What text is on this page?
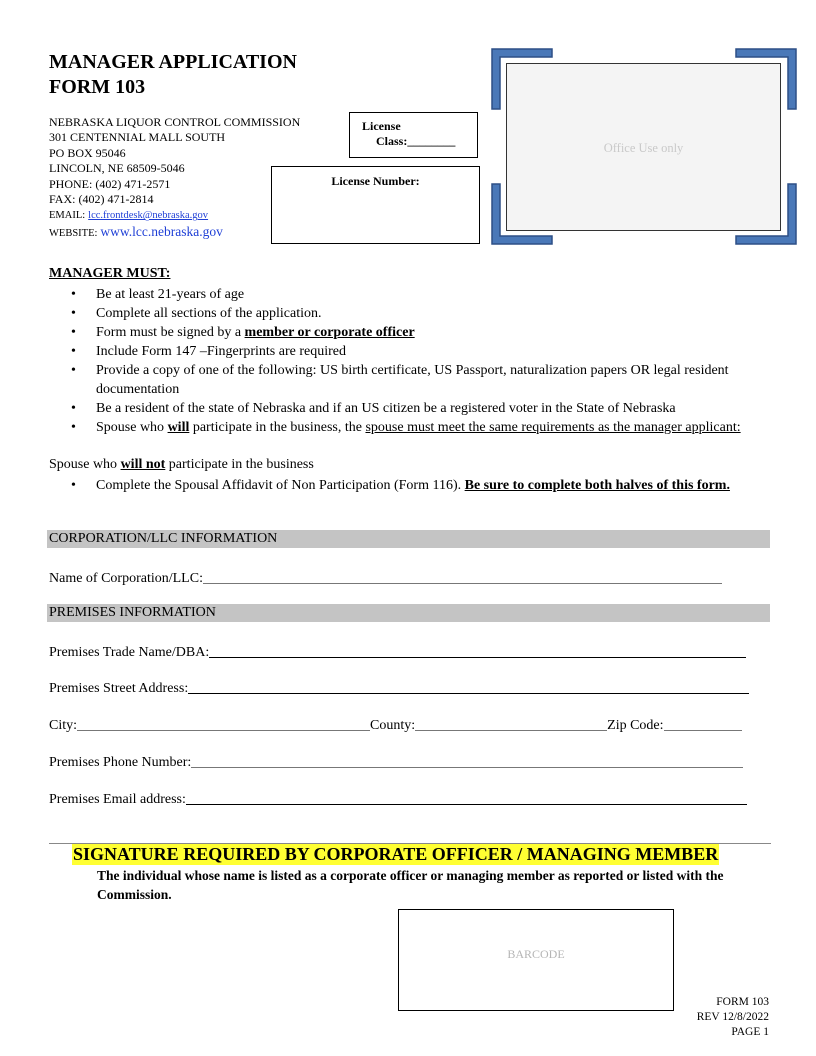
MANAGER APPLICATION
FORM 103
NEBRASKA LIQUOR CONTROL COMMISSION
301 CENTENNIAL MALL SOUTH
PO BOX 95046
LINCOLN, NE 68509-5046
PHONE: (402) 471-2571
FAX: (402) 471-2814
EMAIL: lcc.frontdesk@nebraska.gov
WEBSITE: www.lcc.nebraska.gov
License
Class:________
License Number:
Office Use only
MANAGER MUST:
• Be at least 21-years of age
• Complete all sections of the application.
• Form must be signed by a member or corporate officer
• Include Form 147 –Fingerprints are required
• Provide a copy of one of the following: US birth certificate, US Passport, naturalization papers OR legal resident documentation
• Be a resident of the state of Nebraska and if an US citizen be a registered voter in the State of Nebraska
• Spouse who will participate in the business, the spouse must meet the same requirements as the manager applicant:
Spouse who will not participate in the business
• Complete the Spousal Affidavit of Non Participation (Form 116). Be sure to complete both halves of this form.
CORPORATION/LLC INFORMATION
Name of Corporation/LLC:
PREMISES INFORMATION
Premises Trade Name/DBA:
Premises Street Address:
City:	County:	Zip Code:
Premises Phone Number:
Premises Email address:
SIGNATURE REQUIRED BY CORPORATE OFFICER / MANAGING MEMBER
The individual whose name is listed as a corporate officer or managing member as reported or listed with the Commission.
BARCODE
FORM 103
REV 12/8/2022
PAGE 1
